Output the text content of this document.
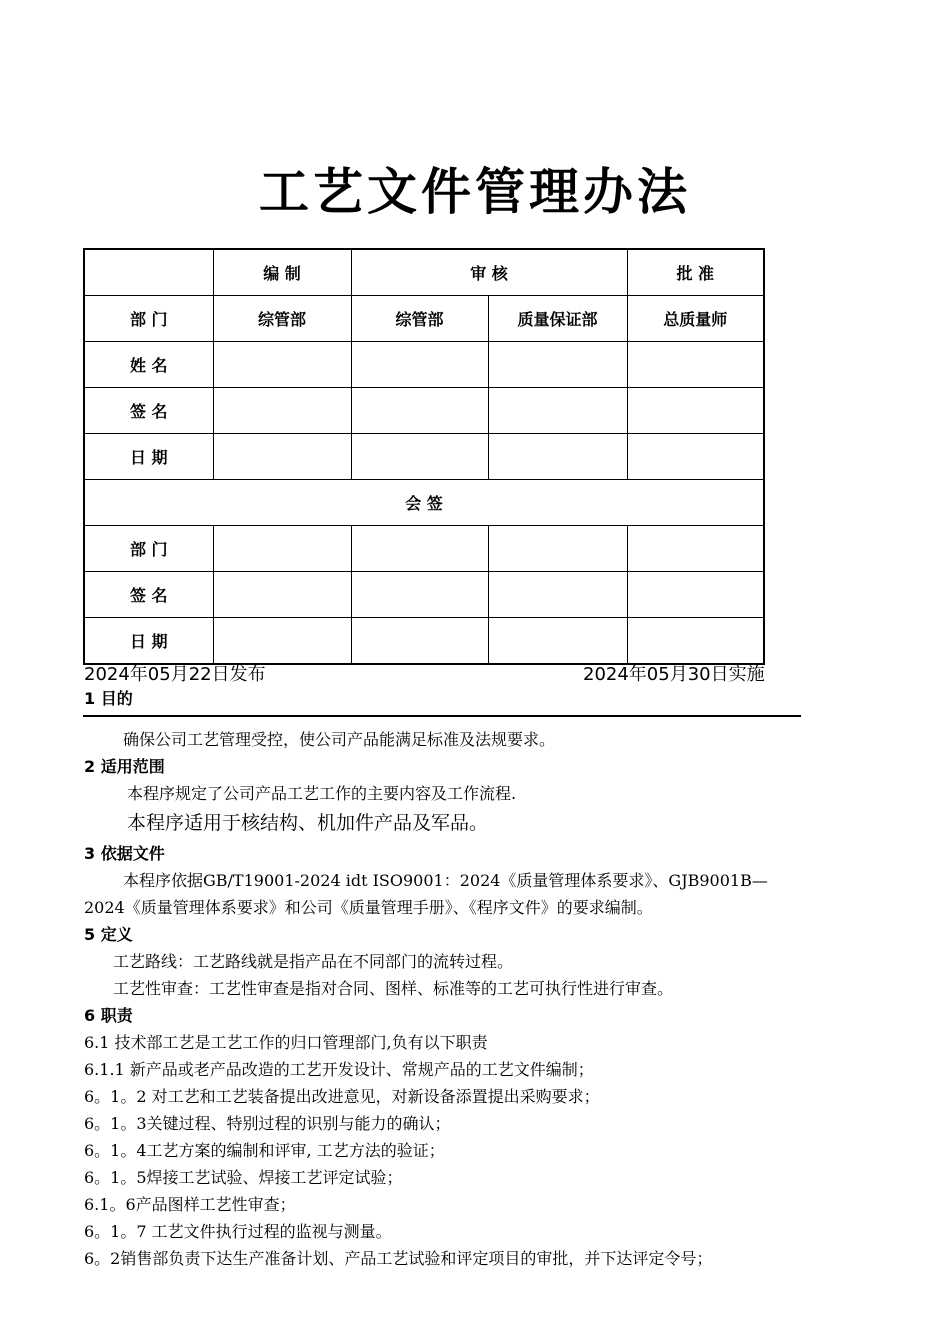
工艺文件管理办法
	编 制	审 核		批 准
部 门	综管部	综管部	质量保证部	总质量师
姓 名				
签 名				
日 期				
会 签				
部 门				
签 名				
日 期				
2024年05月22日发布	2024年05月30日实施
1 目的
确保公司工艺管理受控，使公司产品能满足标准及法规要求。
2 适用范围
本程序规定了公司产品工艺工作的主要内容及工作流程.
本程序适用于核结构、机加件产品及军品。
3 依据文件
本程序依据GB/T19001-2024 idt ISO9001：2024《质量管理体系要求》、GJB9001B—
2024《质量管理体系要求》和公司《质量管理手册》、《程序文件》的要求编制。
5 定义
工艺路线：工艺路线就是指产品在不同部门的流转过程。
工艺性审查：工艺性审查是指对合同、图样、标准等的工艺可执行性进行审查。
6 职责
6.1 技术部工艺是工艺工作的归口管理部门,负有以下职责
6.1.1 新产品或老产品改造的工艺开发设计、常规产品的工艺文件编制；
6。1。2 对工艺和工艺装备提出改进意见，对新设备添置提出采购要求；
6。1。3关键过程、特别过程的识别与能力的确认；
6。1。4工艺方案的编制和评审, 工艺方法的验证；
6。1。5焊接工艺试验、焊接工艺评定试验；
6.1。6产品图样工艺性审查；
6。1。7 工艺文件执行过程的监视与测量。
6。2销售部负责下达生产准备计划、产品工艺试验和评定项目的审批，并下达评定令号；
